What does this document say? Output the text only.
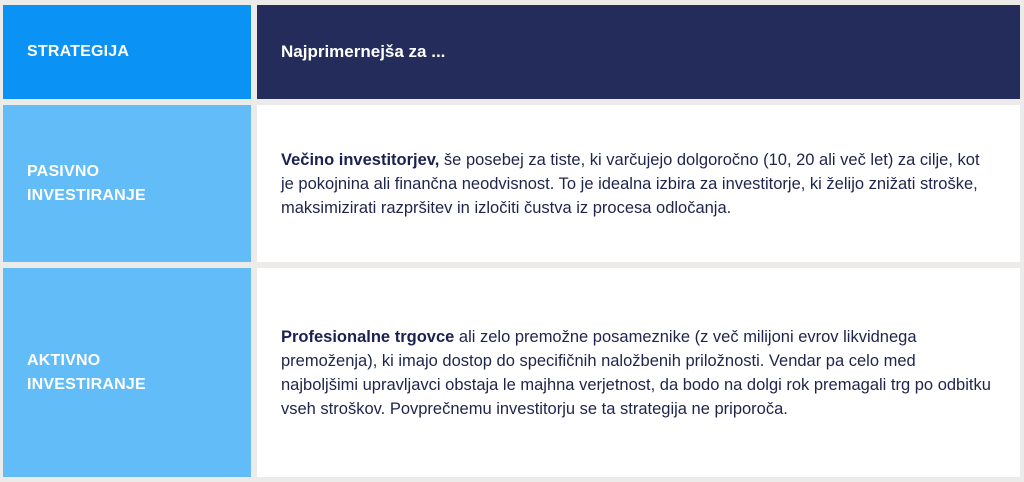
STRATEGIJA	Najprimernejša za ...
PASIVNO
INVESTIRANJE
Večino investitorjev, še posebej za tiste, ki varčujejo dolgoročno (10, 20 ali več let) za cilje, kot je pokojnina ali finančna neodvisnost. To je idealna izbira za investitorje, ki želijo znižati stroške, maksimizirati razpršitev in izločiti čustva iz procesa odločanja.
AKTIVNO
INVESTIRANJE
Profesionalne trgovce ali zelo premožne posameznike (z več milijoni evrov likvidnega premoženja), ki imajo dostop do specifičnih naložbenih priložnosti. Vendar pa celo med najboljšimi upravljavci obstaja le majhna verjetnost, da bodo na dolgi rok premagali trg po odbitku vseh stroškov. Povprečnemu investitorju se ta strategija ne priporoča.
